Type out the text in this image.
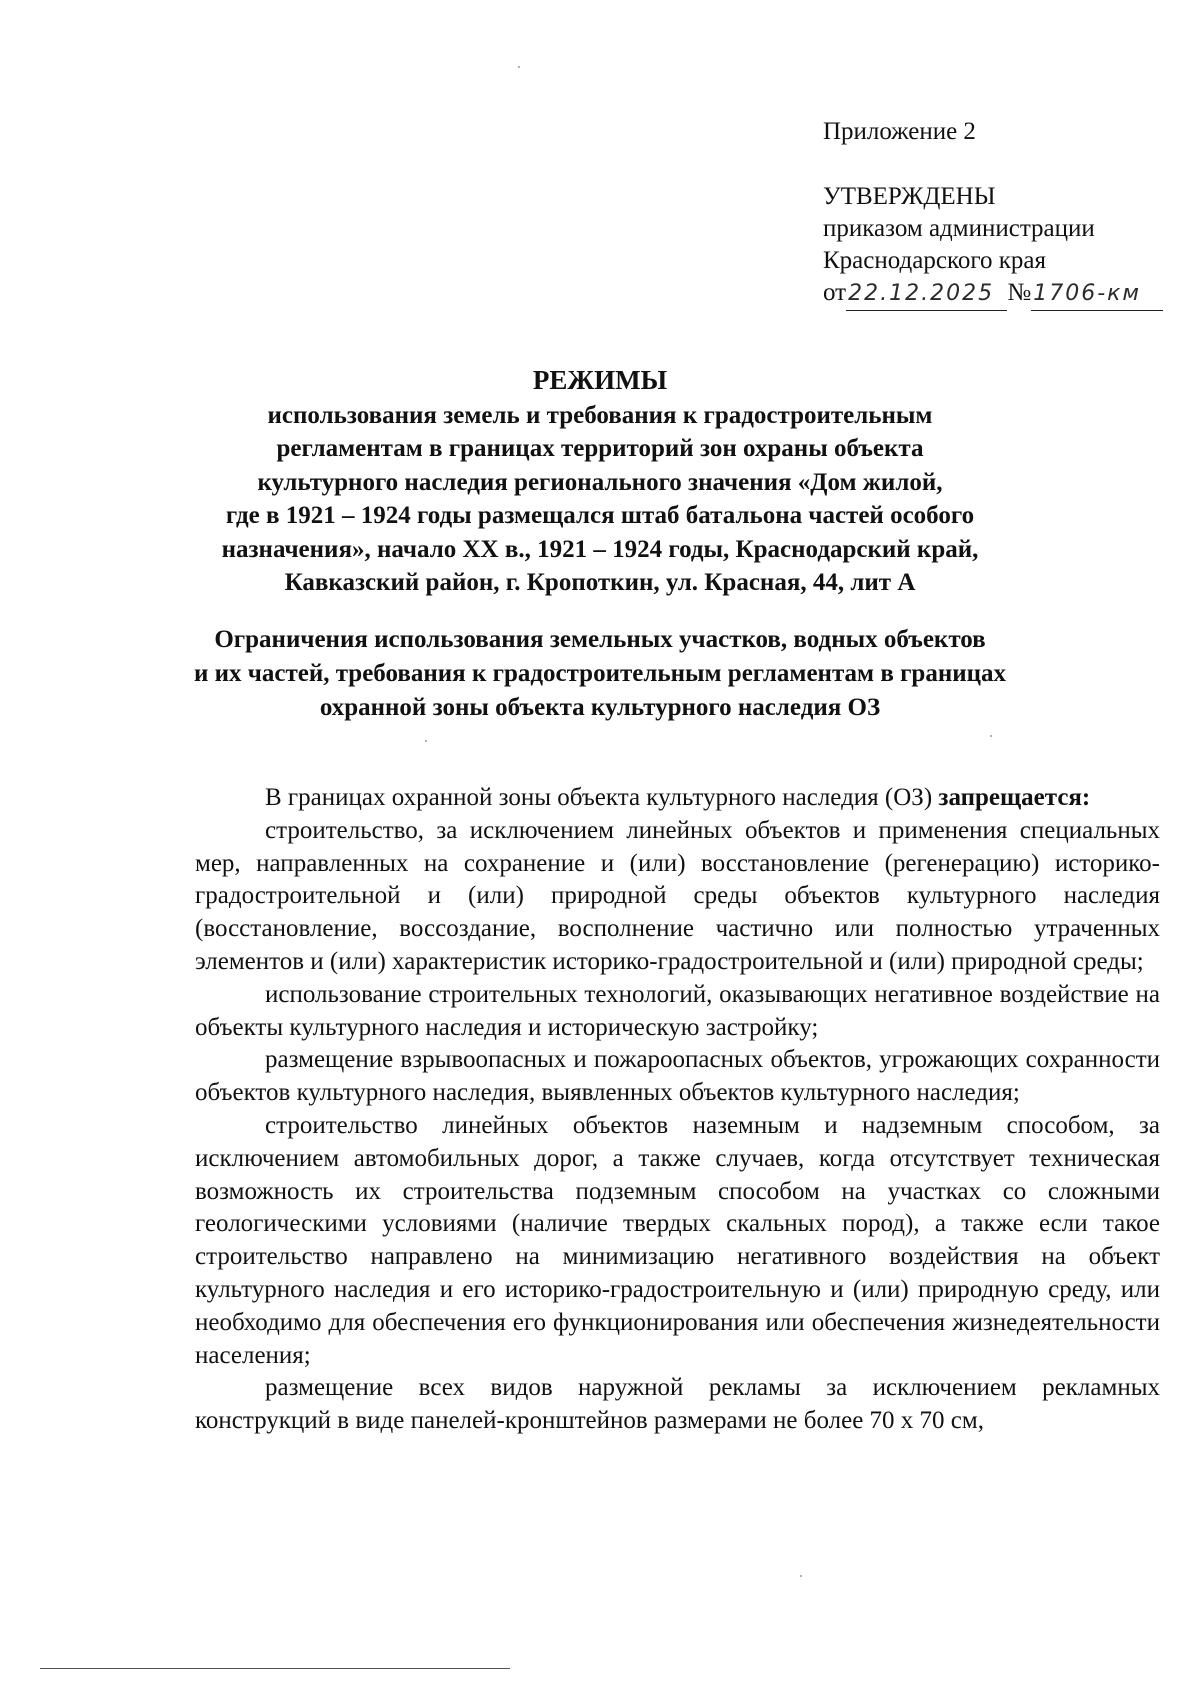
Приложение 2
УТВЕРЖДЕНЫ
приказом администрации
Краснодарского края
от 22.12.2025 № 1706-км
РЕЖИМЫ
использования земель и требования к градостроительным
регламентам в границах территорий зон охраны объекта
культурного наследия регионального значения «Дом жилой,
где в 1921 – 1924 годы размещался штаб батальона частей особого
назначения», начало XX в., 1921 – 1924 годы, Краснодарский край,
Кавказский район, г. Кропоткин, ул. Красная, 44, лит А
Ограничения использования земельных участков, водных объектов
и их частей, требования к градостроительным регламентам в границах
охранной зоны объекта культурного наследия ОЗ

В границах охранной зоны объекта культурного наследия (ОЗ) запрещается:

строительство, за исключением линейных объектов и применения специальных мер, направленных на сохранение и (или) восстановление (регенерацию) историко-градостроительной и (или) природной среды объектов культурного наследия (восстановление, воссоздание, восполнение частично или полностью утраченных элементов и (или) характеристик историко-градостроительной и (или) природной среды;

использование строительных технологий, оказывающих негативное воздействие на объекты культурного наследия и историческую застройку;

размещение взрывоопасных и пожароопасных объектов, угрожающих сохранности объектов культурного наследия, выявленных объектов культурного наследия;

строительство линейных объектов наземным и надземным способом, за исключением автомобильных дорог, а также случаев, когда отсутствует техническая возможность их строительства подземным способом на участках со сложными геологическими условиями (наличие твердых скальных пород), а также если такое строительство направлено на минимизацию негативного воздействия на объект культурного наследия и его историко-градостроительную и (или) природную среду, или необходимо для обеспечения его функционирования или обеспечения жизнедеятельности населения;

размещение всех видов наружной рекламы за исключением рекламных конструкций в виде панелей-кронштейнов размерами не более 70 х 70 см,
